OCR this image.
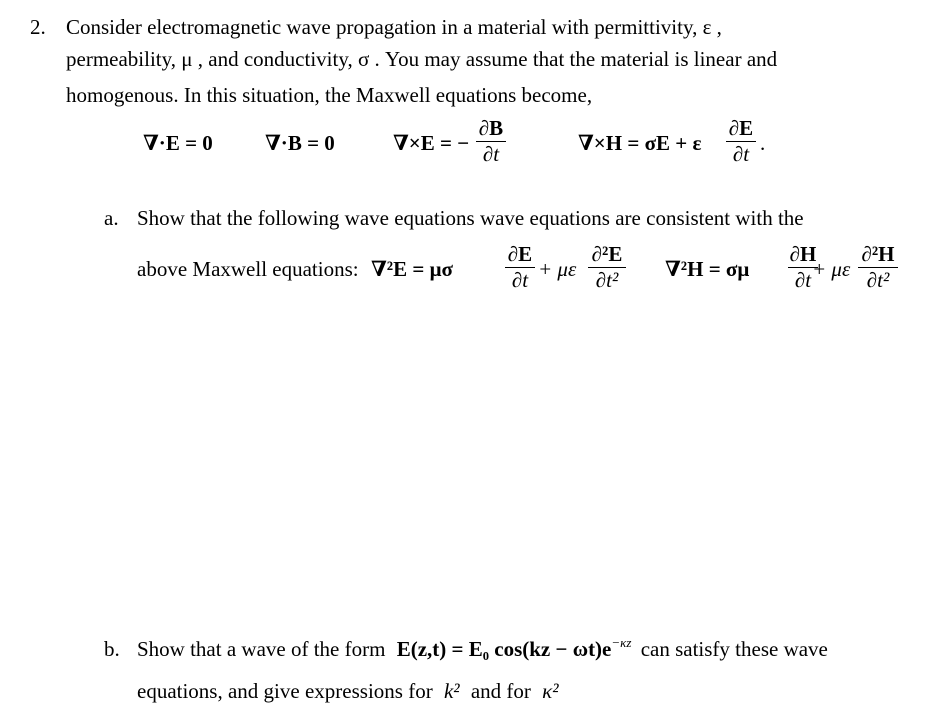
2. Consider electromagnetic wave propagation in a material with permittivity, ε ,
permeability, μ , and conductivity, σ . You may assume that the material is linear and
homogenous. In this situation, the Maxwell equations become,
∇·E = 0 ∇·B = 0	∇×E = −
∂B
∂t	∇×H = σE + ε
∂E
∂t .
a. Show that the following wave equations wave equations are consistent with the
above Maxwell equations: ∇²E = μσ
∂E
∂t + με
∂²E
∂t²	∇²H = σμ
∂H
∂t + με
∂²H
∂t²
b. Show that a wave of the form E(z,t) = E₀ $\cos(kz - \omega t)e^{-\kappa z}$ can satisfy these wave
equations, and give expressions for k² and for κ²
